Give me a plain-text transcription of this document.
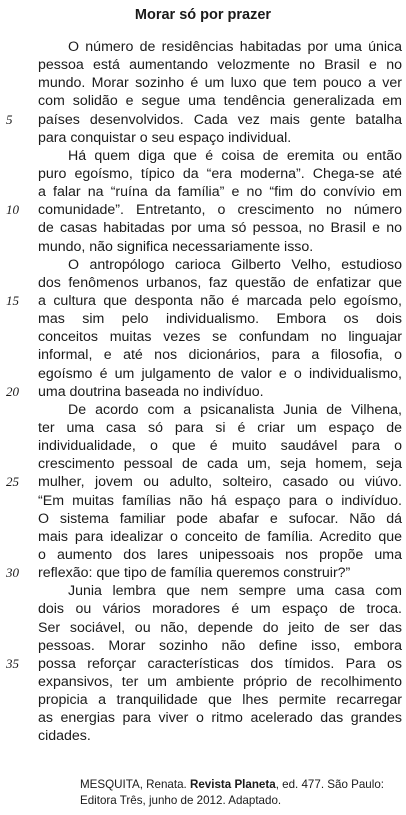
Morar só por prazer
O número de residências habitadas por uma única
pessoa está aumentando velozmente no Brasil e no
mundo. Morar sozinho é um luxo que tem pouco a ver
com solidão e segue uma tendência generalizada em
5	países desenvolvidos. Cada vez mais gente batalha
para conquistar o seu espaço individual.
Há quem diga que é coisa de eremita ou então
puro egoísmo, típico da “era moderna”. Chega-se até
a falar na “ruína da família” e no “fim do convívio em
10	comunidade”. Entretanto, o crescimento no número
de casas habitadas por uma só pessoa, no Brasil e no
mundo, não significa necessariamente isso.
O antropólogo carioca Gilberto Velho, estudioso
dos fenômenos urbanos, faz questão de enfatizar que
15	a cultura que desponta não é marcada pelo egoísmo,
mas sim pelo individualismo. Embora os dois
conceitos muitas vezes se confundam no linguajar
informal, e até nos dicionários, para a filosofia, o
egoísmo é um julgamento de valor e o individualismo,
20	uma doutrina baseada no indivíduo.
De acordo com a psicanalista Junia de Vilhena,
ter uma casa só para si é criar um espaço de
individualidade, o que é muito saudável para o
crescimento pessoal de cada um, seja homem, seja
25	mulher, jovem ou adulto, solteiro, casado ou viúvo.
“Em muitas famílias não há espaço para o indivíduo.
O sistema familiar pode abafar e sufocar. Não dá
mais para idealizar o conceito de família. Acredito que
o aumento dos lares unipessoais nos propõe uma
30	reflexão: que tipo de família queremos construir?”
Junia lembra que nem sempre uma casa com
dois ou vários moradores é um espaço de troca.
Ser sociável, ou não, depende do jeito de ser das
pessoas. Morar sozinho não define isso, embora
35	possa reforçar características dos tímidos. Para os
expansivos, ter um ambiente próprio de recolhimento
propicia a tranquilidade que lhes permite recarregar
as energias para viver o ritmo acelerado das grandes
cidades.
MESQUITA, Renata. Revista Planeta, ed. 477. São Paulo:
Editora Três, junho de 2012. Adaptado.
